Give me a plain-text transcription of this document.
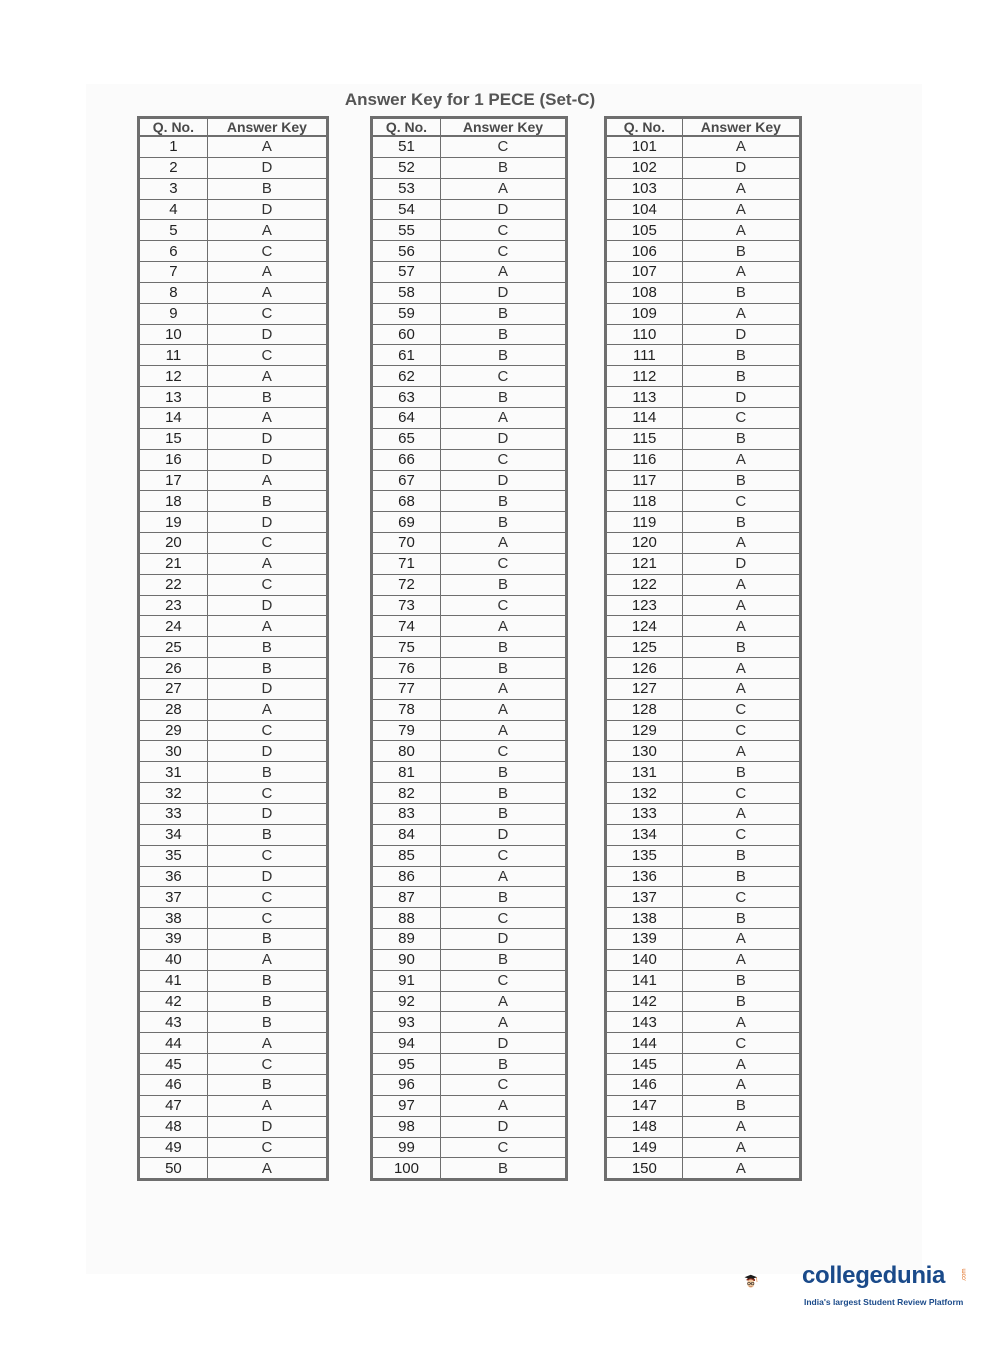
Answer Key for 1 PECE (Set-C)
Q. No.	Answer Key
1	A
2	D
3	B
4	D
5	A
6	C
7	A
8	A
9	C
10	D
11	C
12	A
13	B
14	A
15	D
16	D
17	A
18	B
19	D
20	C
21	A
22	C
23	D
24	A
25	B
26	B
27	D
28	A
29	C
30	D
31	B
32	C
33	D
34	B
35	C
36	D
37	C
38	C
39	B
40	A
41	B
42	B
43	B
44	A
45	C
46	B
47	A
48	D
49	C
50	A
Q. No.	Answer Key
51	C
52	B
53	A
54	D
55	C
56	C
57	A
58	D
59	B
60	B
61	B
62	C
63	B
64	A
65	D
66	C
67	D
68	B
69	B
70	A
71	C
72	B
73	C
74	A
75	B
76	B
77	A
78	A
79	A
80	C
81	B
82	B
83	B
84	D
85	C
86	A
87	B
88	C
89	D
90	B
91	C
92	A
93	A
94	D
95	B
96	C
97	A
98	D
99	C
100	B
Q. No.	Answer Key
101	A
102	D
103	A
104	A
105	A
106	B
107	A
108	B
109	A
110	D
111	B
112	B
113	D
114	C
115	B
116	A
117	B
118	C
119	B
120	A
121	D
122	A
123	A
124	A
125	B
126	A
127	A
128	C
129	C
130	A
131	B
132	C
133	A
134	C
135	B
136	B
137	C
138	B
139	A
140	A
141	B
142	B
143	A
144	C
145	A
146	A
147	B
148	A
149	A
150	A
collegedunia	.com
India's largest Student Review Platform
